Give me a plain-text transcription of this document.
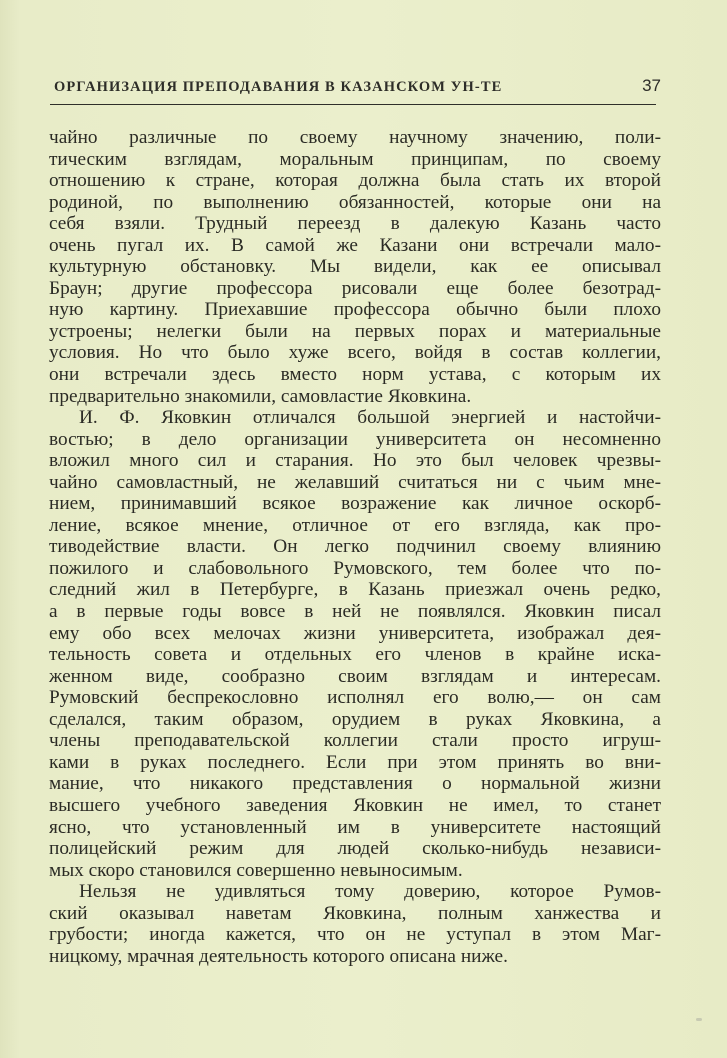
ОРГАНИЗАЦИЯ ПРЕПОДАВАНИЯ В КАЗАНСКОМ УН-ТЕ	37
чайно различные по своему научному значению, поли-
тическим взглядам, моральным принципам, по своему
отношению к стране, которая должна была стать их второй
родиной, по выполнению обязанностей, которые они на
себя взяли. Трудный переезд в далекую Казань часто
очень пугал их. В самой же Казани они встречали мало-
культурную обстановку. Мы видели, как ее описывал
Браун; другие профессора рисовали еще более безотрад-
ную картину. Приехавшие профессора обычно были плохо
устроены; нелегки были на первых порах и материальные
условия. Но что было хуже всего, войдя в состав коллегии,
они встречали здесь вместо норм устава, с которым их
предварительно знакомили, самовластие Яковкина.
И. Ф. Яковкин отличался большой энергией и настойчи-
востью; в дело организации университета он несомненно
вложил много сил и старания. Но это был человек чрезвы-
чайно самовластный, не желавший считаться ни с чьим мне-
нием, принимавший всякое возражение как личное оскорб-
ление, всякое мнение, отличное от его взгляда, как про-
тиводействие власти. Он легко подчинил своему влиянию
пожилого и слабовольного Румовского, тем более что по-
следний жил в Петербурге, в Казань приезжал очень редко,
а в первые годы вовсе в ней не появлялся. Яковкин писал
ему обо всех мелочах жизни университета, изображал дея-
тельность совета и отдельных его членов в крайне иска-
женном виде, сообразно своим взглядам и интересам.
Румовский беспрекословно исполнял его волю,— он сам
сделался, таким образом, орудием в руках Яковкина, а
члены преподавательской коллегии стали просто игруш-
ками в руках последнего. Если при этом принять во вни-
мание, что никакого представления о нормальной жизни
высшего учебного заведения Яковкин не имел, то станет
ясно, что установленный им в университете настоящий
полицейский режим для людей сколько-нибудь независи-
мых скоро становился совершенно невыносимым.
Нельзя не удивляться тому доверию, которое Румов-
ский оказывал наветам Яковкина, полным ханжества и
грубости; иногда кажется, что он не уступал в этом Маг-
ницкому, мрачная деятельность которого описана ниже.
